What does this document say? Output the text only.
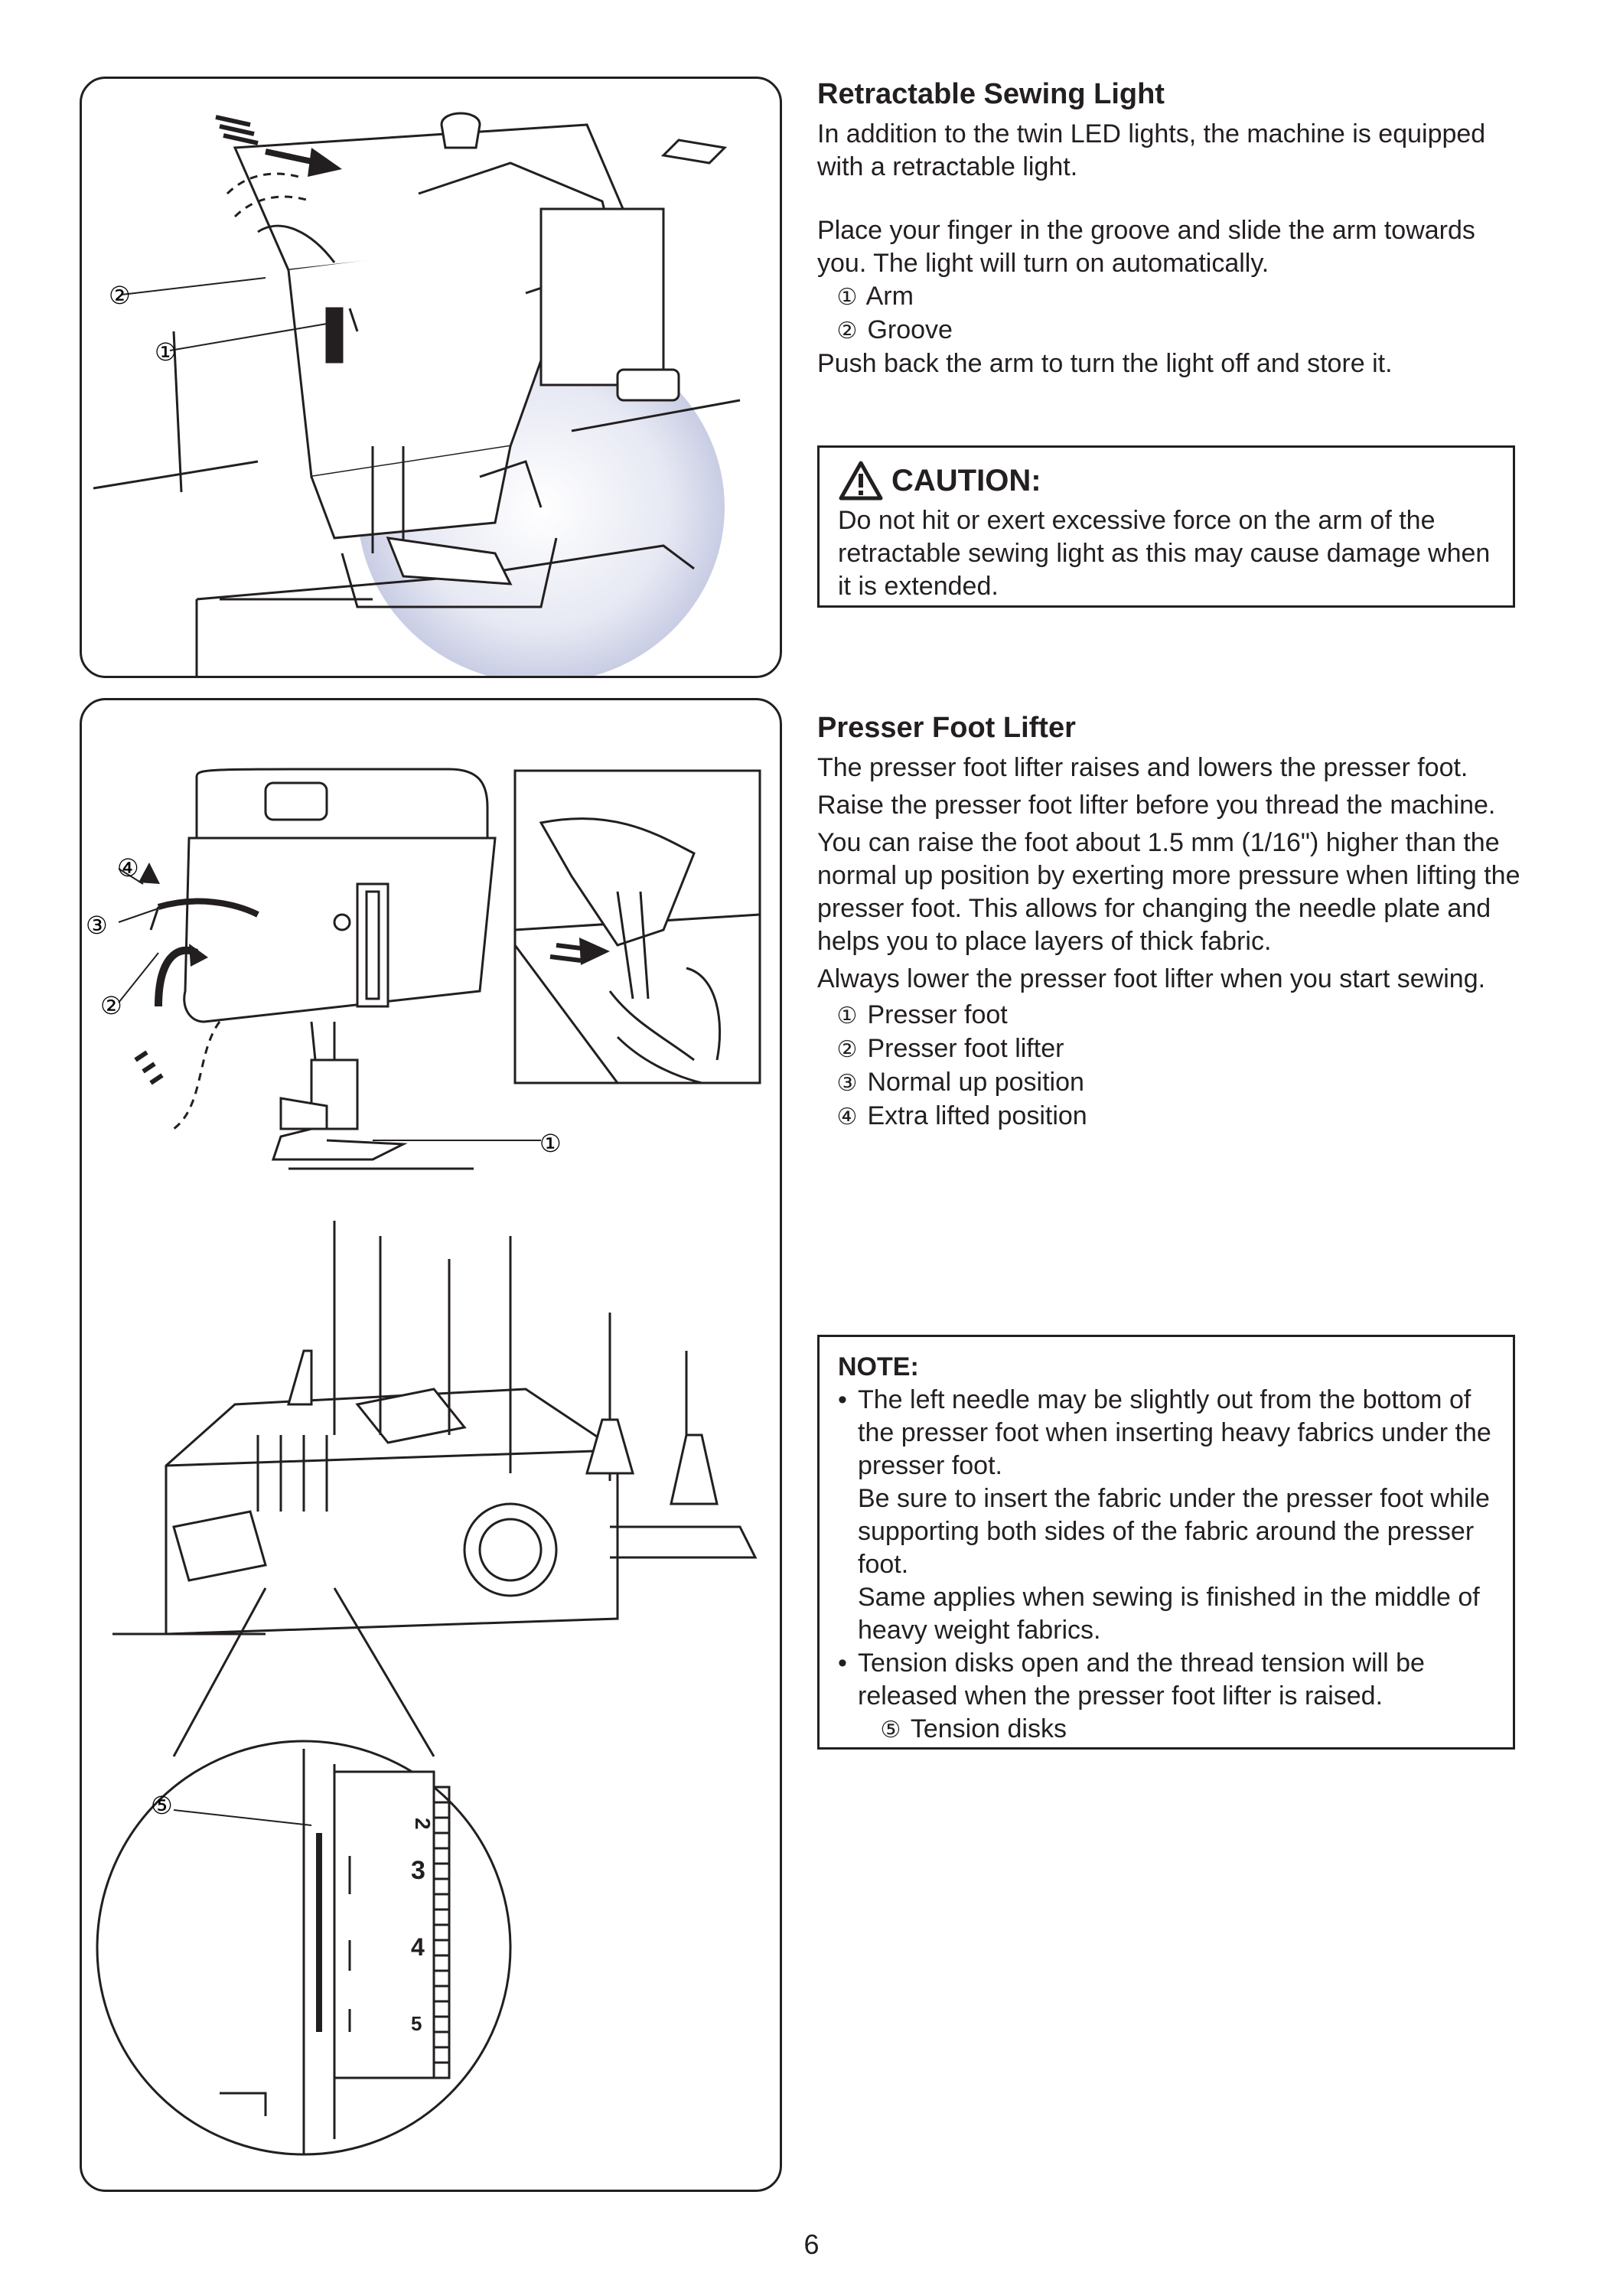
②
①
Retractable Sewing Light

In addition to the twin LED lights, the machine is equipped with a retractable light.

Place your finger in the groove and slide the arm towards you. The light will turn on automatically.

① Arm

② Groove

Push back the arm to turn the light off and store it.

CAUTION:

Do not hit or exert excessive force on the arm of the retractable sewing light as this may cause damage when it is extended.

④
③
②
①
⑤
2
3
4
5
Presser Foot Lifter

The presser foot lifter raises and lowers the presser foot.

Raise the presser foot lifter before you thread the machine.

You can raise the foot about 1.5 mm (1/16") higher than the normal up position by exerting more pressure when lifting the presser foot. This allows for changing the needle plate and helps you to place layers of thick fabric.

Always lower the presser foot lifter when you start sewing.

① Presser foot

② Presser foot lifter

③ Normal up position

④ Extra lifted position

NOTE:

• The left needle may be slightly out from the bottom of the presser foot when inserting heavy fabrics under the presser foot.

Be sure to insert the fabric under the presser foot while supporting both sides of the fabric around the presser foot.

Same applies when sewing is finished in the middle of heavy weight fabrics.

• Tension disks open and the thread tension will be released when the presser foot lifter is raised.

⑤ Tension disks

6
